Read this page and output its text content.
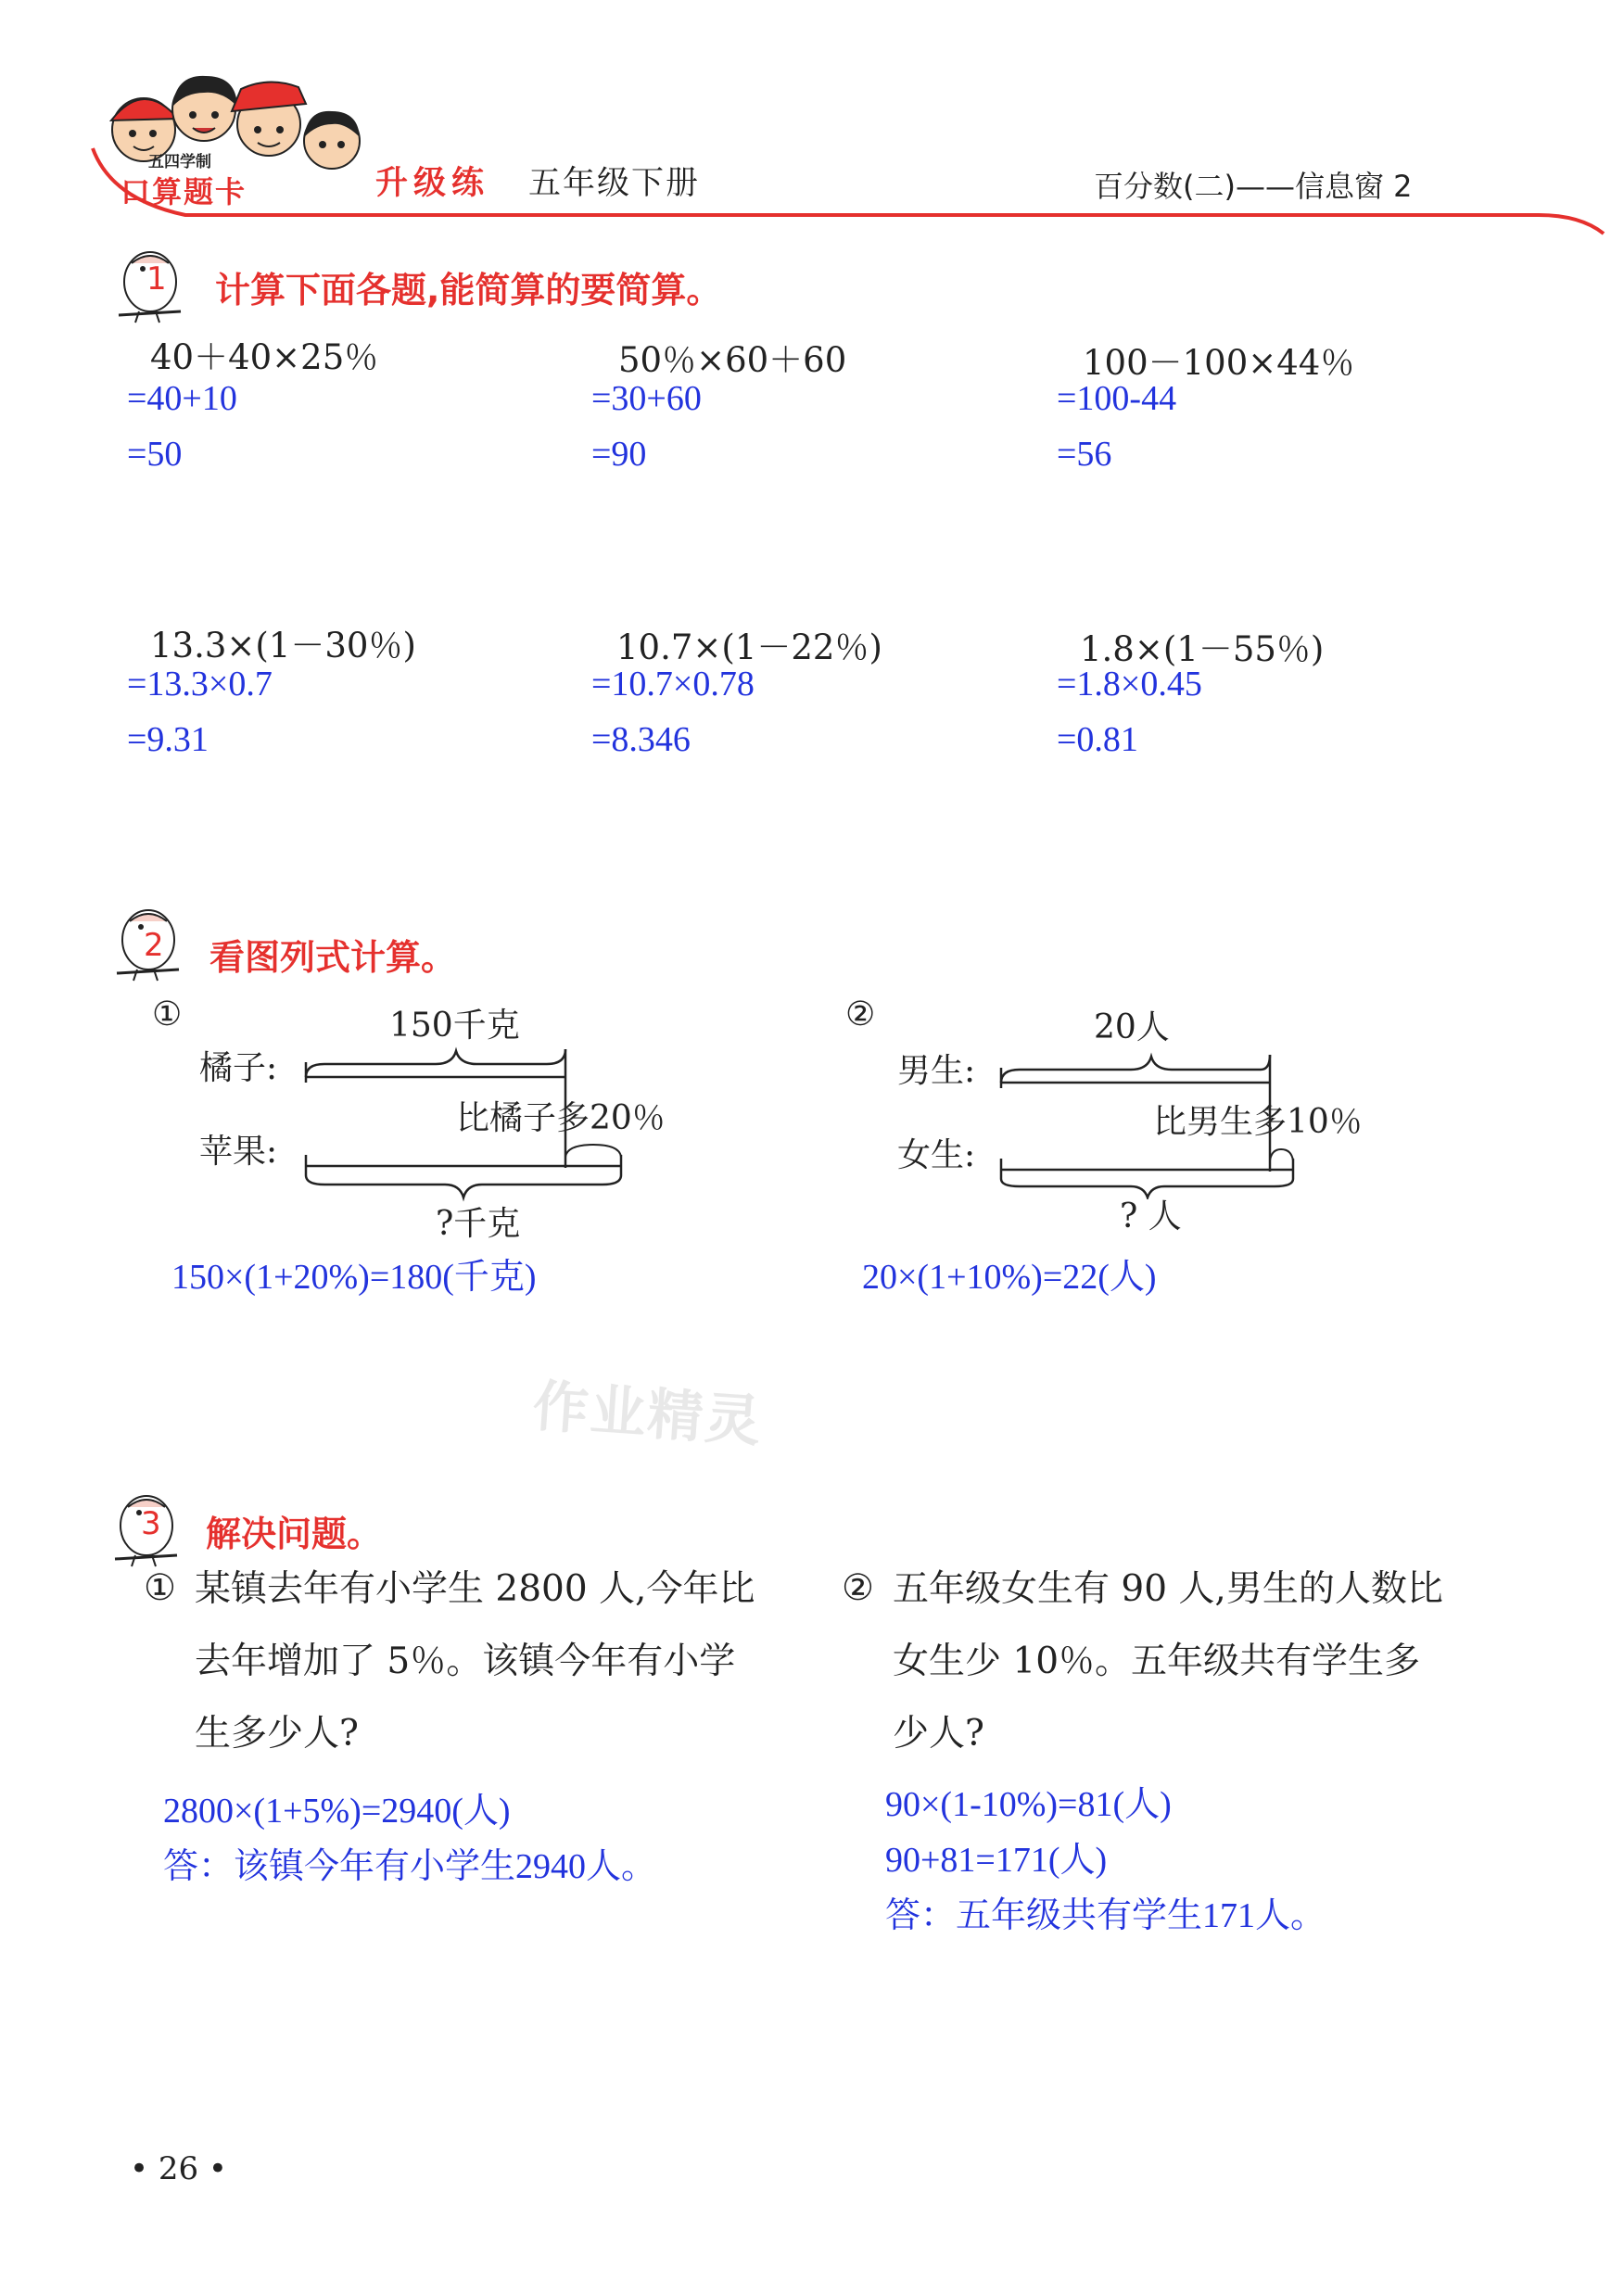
五四学制
口算题卡	升级练 五年级下册	百分数(二)——信息窗 2
1 计算下面各题,能简算的要简算。
40＋40×25％
=40+10
=50
50％×60＋60
=30+60
=90
100－100×44％
=100-44
=56
13.3×(1－30％)
=13.3×0.7
=9.31
10.7×(1－22％)
=10.7×0.78
=8.346
1.8×(1－55％)
=1.8×0.45
=0.81
2 看图列式计算。
①	150千克
橘子:
比橘子多20％
苹果:
?千克
150×(1+20%)=180(千克)
②	20人
男生:
比男生多10％
女生:
? 人
20×(1+10%)=22(人)
作业精灵
3 解决问题。
① 某镇去年有小学生 2800 人,今年比
去年增加了 5％。该镇今年有小学
生多少人?
2800×(1+5%)=2940(人)
答：该镇今年有小学生2940人。
② 五年级女生有 90 人,男生的人数比
女生少 10％。五年级共有学生多
少人?
90×(1-10%)=81(人)
90+81=171(人)
答：五年级共有学生171人。
• 26 •
